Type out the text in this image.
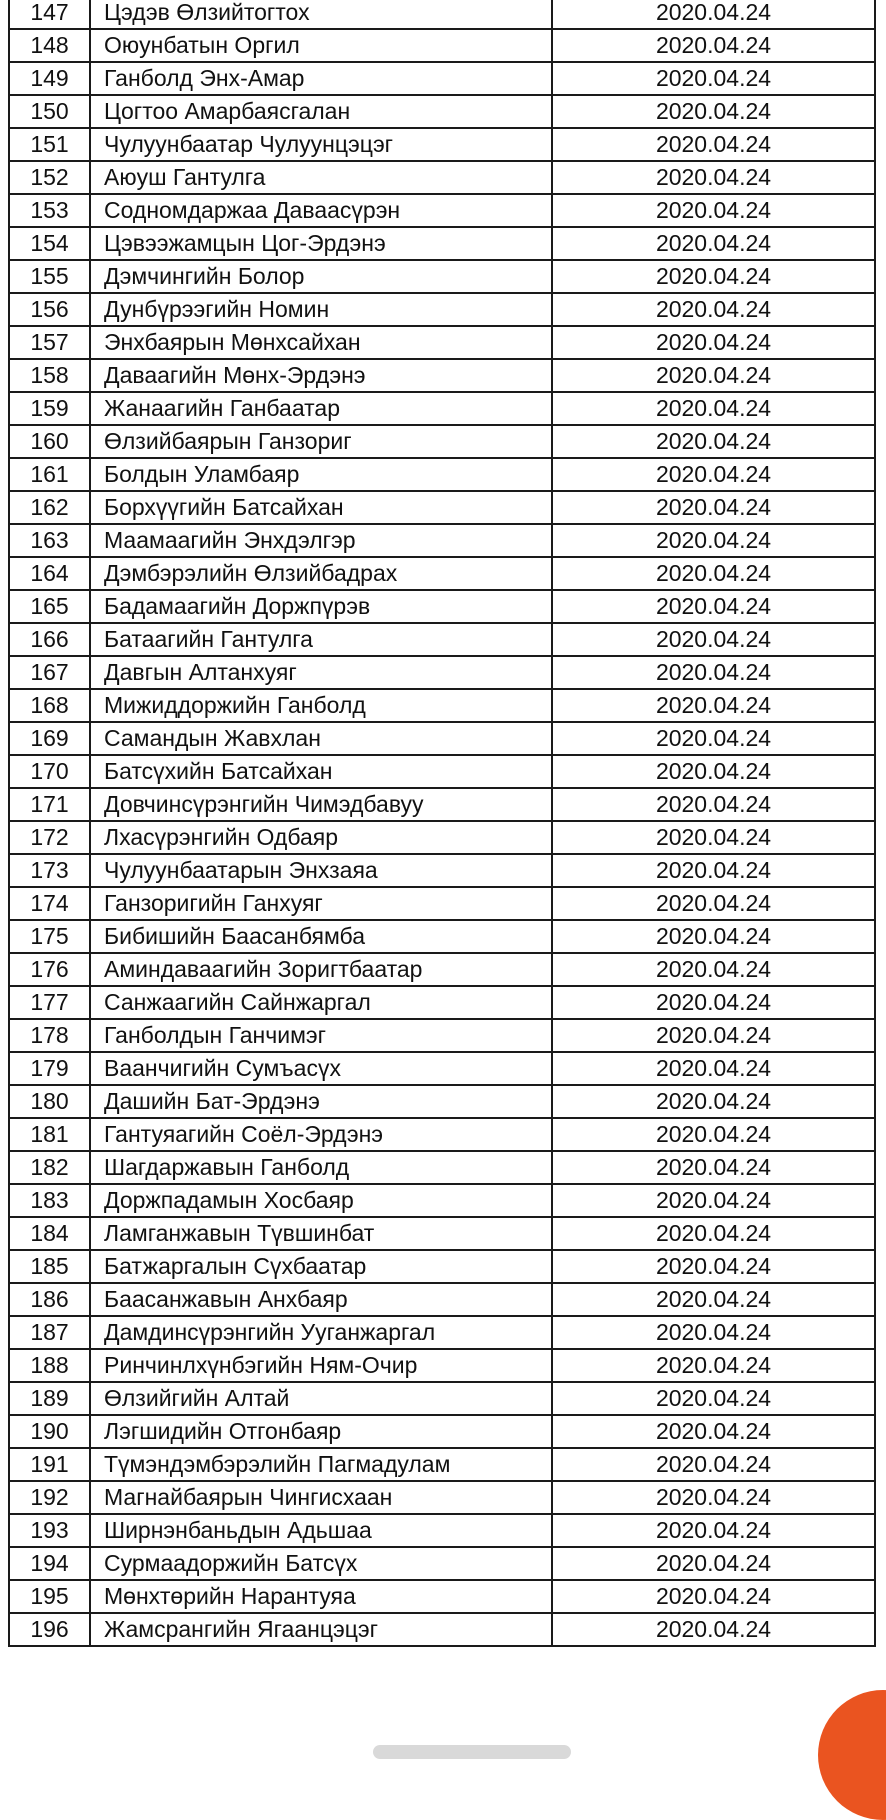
147	Цэдэв Өлзийтогтох	2020.04.24
148	Оюунбатын Оргил	2020.04.24
149	Ганболд Энх-Амар	2020.04.24
150	Цогтоо Амарбаясгалан	2020.04.24
151	Чулуунбаатар Чулуунцэцэг	2020.04.24
152	Аюуш Гантулга	2020.04.24
153	Содномдаржаа Даваасүрэн	2020.04.24
154	Цэвээжамцын Цог-Эрдэнэ	2020.04.24
155	Дэмчингийн Болор	2020.04.24
156	Дунбүрээгийн Номин	2020.04.24
157	Энхбаярын Мөнхсайхан	2020.04.24
158	Даваагийн Мөнх-Эрдэнэ	2020.04.24
159	Жанаагийн Ганбаатар	2020.04.24
160	Өлзийбаярын Ганзориг	2020.04.24
161	Болдын Уламбаяр	2020.04.24
162	Борхүүгийн Батсайхан	2020.04.24
163	Маамаагийн Энхдэлгэр	2020.04.24
164	Дэмбэрэлийн Өлзийбадрах	2020.04.24
165	Бадамаагийн Доржпүрэв	2020.04.24
166	Батаагийн Гантулга	2020.04.24
167	Давгын Алтанхуяг	2020.04.24
168	Мижиддоржийн Ганболд	2020.04.24
169	Самандын Жавхлан	2020.04.24
170	Батсүхийн Батсайхан	2020.04.24
171	Довчинсүрэнгийн Чимэдбавуу	2020.04.24
172	Лхасүрэнгийн Одбаяр	2020.04.24
173	Чулуунбаатарын Энхзаяа	2020.04.24
174	Ганзоригийн Ганхуяг	2020.04.24
175	Бибишийн Баасанбямба	2020.04.24
176	Аминдаваагийн Зоригтбаатар	2020.04.24
177	Санжаагийн Сайнжаргал	2020.04.24
178	Ганболдын Ганчимэг	2020.04.24
179	Ваанчигийн Сумъасүх	2020.04.24
180	Дашийн Бат-Эрдэнэ	2020.04.24
181	Гантуяагийн Соёл-Эрдэнэ	2020.04.24
182	Шагдаржавын Ганболд	2020.04.24
183	Доржпадамын Хосбаяр	2020.04.24
184	Ламганжавын Түвшинбат	2020.04.24
185	Батжаргалын Сүхбаатар	2020.04.24
186	Баасанжавын Анхбаяр	2020.04.24
187	Дамдинсүрэнгийн Ууганжаргал	2020.04.24
188	Ринчинлхүнбэгийн Ням-Очир	2020.04.24
189	Өлзийгийн Алтай	2020.04.24
190	Лэгшидийн Отгонбаяр	2020.04.24
191	Түмэндэмбэрэлийн Пагмадулам	2020.04.24
192	Магнайбаярын Чингисхаан	2020.04.24
193	Ширнэнбаньдын Адьшаа	2020.04.24
194	Сурмаадоржийн Батсүх	2020.04.24
195	Мөнхтөрийн Нарантуяа	2020.04.24
196	Жамсрангийн Ягаанцэцэг	2020.04.24
